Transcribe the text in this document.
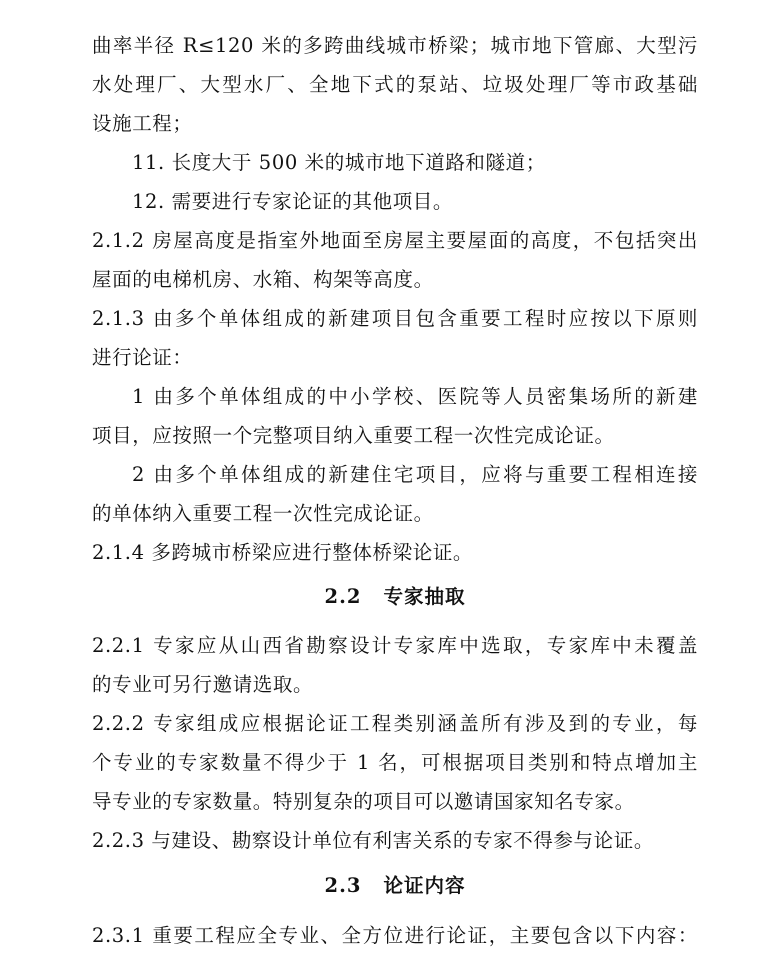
曲率半径 R≤120 米的多跨曲线城市桥梁；城市地下管廊、大型污
水处理厂、大型水厂、全地下式的泵站、垃圾处理厂等市政基础
设施工程；
11. 长度大于 500 米的城市地下道路和隧道；
12. 需要进行专家论证的其他项目。
2.1.2 房屋高度是指室外地面至房屋主要屋面的高度，不包括突出
屋面的电梯机房、水箱、构架等高度。
2.1.3 由多个单体组成的新建项目包含重要工程时应按以下原则
进行论证：
1 由多个单体组成的中小学校、医院等人员密集场所的新建
项目，应按照一个完整项目纳入重要工程一次性完成论证。
2 由多个单体组成的新建住宅项目，应将与重要工程相连接
的单体纳入重要工程一次性完成论证。
2.1.4 多跨城市桥梁应进行整体桥梁论证。
2.2 专家抽取
2.2.1 专家应从山西省勘察设计专家库中选取，专家库中未覆盖
的专业可另行邀请选取。
2.2.2 专家组成应根据论证工程类别涵盖所有涉及到的专业，每
个专业的专家数量不得少于 1 名，可根据项目类别和特点增加主
导专业的专家数量。特别复杂的项目可以邀请国家知名专家。
2.2.3 与建设、勘察设计单位有利害关系的专家不得参与论证。
2.3 论证内容
2.3.1 重要工程应全专业、全方位进行论证，主要包含以下内容：
